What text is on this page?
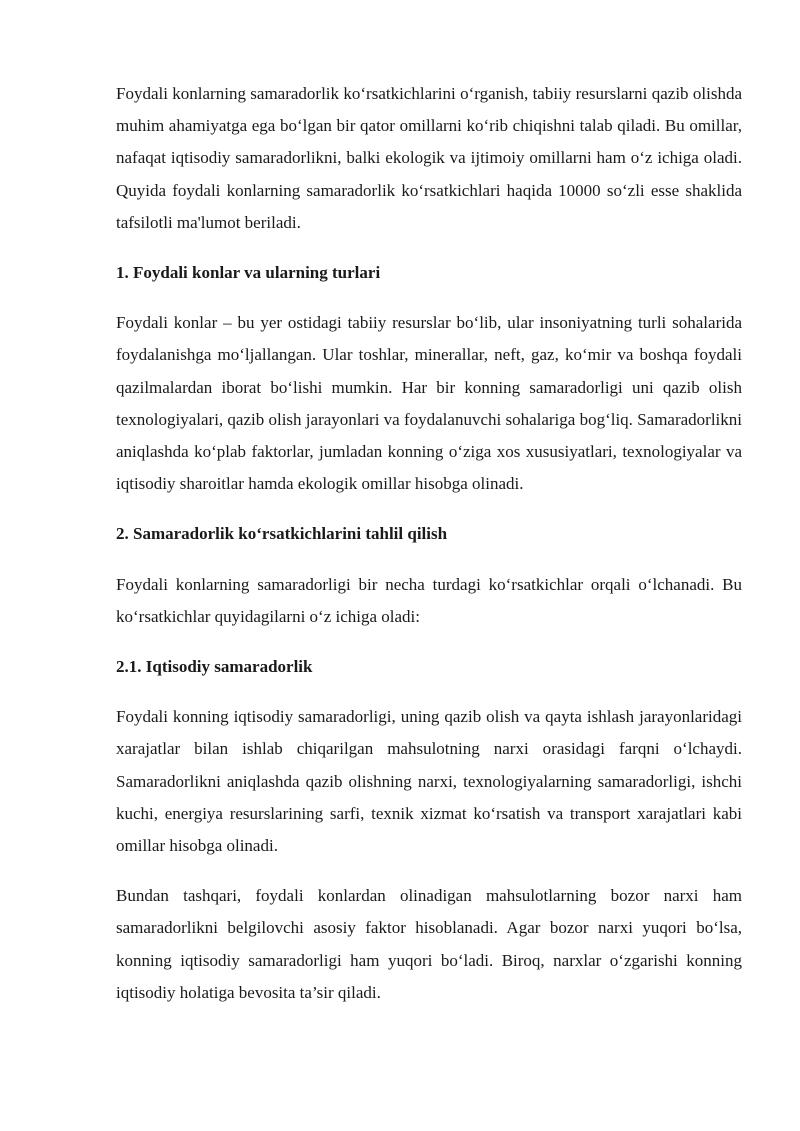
Foydali konlarning samaradorlik ko‘rsatkichlarini o‘rganish, tabiiy resurslarni qazib olishda muhim ahamiyatga ega bo‘lgan bir qator omillarni ko‘rib chiqishni talab qiladi. Bu omillar, nafaqat iqtisodiy samaradorlikni, balki ekologik va ijtimoiy omillarni ham o‘z ichiga oladi. Quyida foydali konlarning samaradorlik ko‘rsatkichlari haqida 10000 so‘zli esse shaklida tafsilotli ma'lumot beriladi.

1. Foydali konlar va ularning turlari

Foydali konlar – bu yer ostidagi tabiiy resurslar bo‘lib, ular insoniyatning turli sohalarida foydalanishga mo‘ljallangan. Ular toshlar, minerallar, neft, gaz, ko‘mir va boshqa foydali qazilmalardan iborat bo‘lishi mumkin. Har bir konning samaradorligi uni qazib olish texnologiyalari, qazib olish jarayonlari va foydalanuvchi sohalariga bog‘liq. Samaradorlikni aniqlashda ko‘plab faktorlar, jumladan konning o‘ziga xos xususiyatlari, texnologiyalar va iqtisodiy sharoitlar hamda ekologik omillar hisobga olinadi.

2. Samaradorlik ko‘rsatkichlarini tahlil qilish

Foydali konlarning samaradorligi bir necha turdagi ko‘rsatkichlar orqali o‘lchanadi. Bu ko‘rsatkichlar quyidagilarni o‘z ichiga oladi:

2.1. Iqtisodiy samaradorlik

Foydali konning iqtisodiy samaradorligi, uning qazib olish va qayta ishlash jarayonlaridagi xarajatlar bilan ishlab chiqarilgan mahsulotning narxi orasidagi farqni o‘lchaydi. Samaradorlikni aniqlashda qazib olishning narxi, texnologiyalarning samaradorligi, ishchi kuchi, energiya resurslarining sarfi, texnik xizmat ko‘rsatish va transport xarajatlari kabi omillar hisobga olinadi.

Bundan tashqari, foydali konlardan olinadigan mahsulotlarning bozor narxi ham samaradorlikni belgilovchi asosiy faktor hisoblanadi. Agar bozor narxi yuqori bo‘lsa, konning iqtisodiy samaradorligi ham yuqori bo‘ladi. Biroq, narxlar o‘zgarishi konning iqtisodiy holatiga bevosita ta’sir qiladi.
